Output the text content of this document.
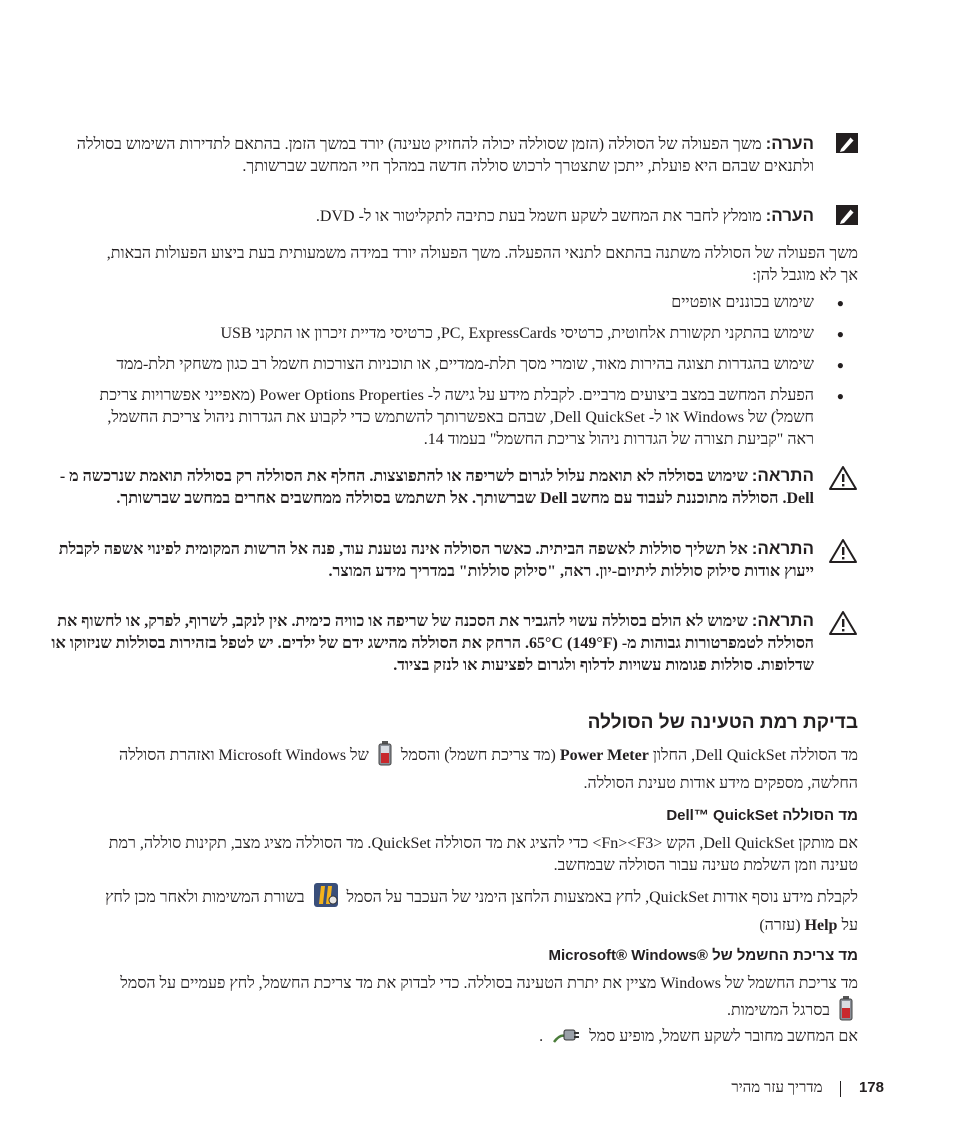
הערה: משך הפעולה של הסוללה (הזמן שסוללה יכולה להחזיק טעינה) יורד במשך הזמן. בהתאם לתדירות השימוש בסוללה ולתנאים שבהם היא פועלת, ייתכן שתצטרך לרכוש סוללה חדשה במהלך חיי המחשב שברשותך.
הערה: מומלץ לחבר את המחשב לשקע חשמל בעת כתיבה לתקליטור או ל- DVD.
משך הפעולה של הסוללה משתנה בהתאם לתנאי ההפעלה. משך הפעולה יורד במידה משמעותית בעת ביצוע הפעולות הבאות, אך לא מוגבל להן:
●
שימוש בכוננים אופטיים
●
שימוש בהתקני תקשורת אלחוטית, כרטיסי PC, ExpressCards, כרטיסי מדיית זיכרון או התקני USB
●
שימוש בהגדרות תצוגה בהירות מאוד, שומרי מסך תלת-ממדיים, או תוכניות הצורכות חשמל רב כגון משחקי תלת-ממד
●
הפעלת המחשב במצב ביצועים מרביים. לקבלת מידע על גישה ל- Power Options Properties (מאפייני אפשרויות צריכת חשמל) של Windows או ל- Dell QuickSet, שבהם באפשרותך להשתמש כדי לקבוע את הגדרות ניהול צריכת החשמל, ראה "קביעת תצורה של הגדרות ניהול צריכת החשמל" בעמוד 14.
התראה: שימוש בסוללה לא תואמת עלול לגרום לשריפה או להתפוצצות. החלף את הסוללה רק בסוללה תואמת שנרכשה מ - Dell. הסוללה מתוכננת לעבוד עם מחשב Dell שברשותך. אל תשתמש בסוללה ממחשבים אחרים במחשב שברשותך.
התראה: אל תשליך סוללות לאשפה הביתית. כאשר הסוללה אינה נטענת עוד, פנה אל הרשות המקומית לפינוי אשפה לקבלת ייעוץ אודות סילוק סוללות ליתיום-יון. ראה, "סילוק סוללות" במדריך מידע המוצר.
התראה: שימוש לא הולם בסוללה עשוי להגביר את הסכנה של שריפה או כוויה כימית. אין לנקב, לשרוף, לפרק, או לחשוף את הסוללה לטמפרטורות גבוהות מ- 65°C (149°F). הרחק את הסוללה מהישג ידם של ילדים. יש לטפל בזהירות בסוללות שניזוקו או שדלופות. סוללות פגומות עשויות לדלוף ולגרום לפציעות או לנזק בציוד.
בדיקת רמת הטעינה של הסוללה
מד הסוללה Dell QuickSet, החלון Power Meter (מד צריכת חשמל) והסמל  של Microsoft Windows ואזהרת הסוללה החלשה, מספקים מידע אודות טעינת הסוללה.
מד הסוללה Dell™ QuickSet
אם מותקן Dell QuickSet, הקש <Fn><F3> כדי להציג את מד הסוללה QuickSet. מד הסוללה מציג מצב, תקינות סוללה, רמת טעינה וזמן השלמת טעינה עבור הסוללה שבמחשב.
לקבלת מידע נוסף אודות QuickSet, לחץ באמצעות הלחצן הימני של העכבר על הסמל  בשורת המשימות ולאחר מכן לחץ על Help (עזרה)
מד צריכת החשמל של Microsoft® Windows®
מד צריכת החשמל של Windows מציין את יתרת הטעינה בסוללה. כדי לבדוק את מד צריכת החשמל, לחץ פעמיים על הסמל  בסרגל המשימות.
אם המחשב מחובר לשקע חשמל, מופיע סמל  .
178  מדריך עזר מהיר
